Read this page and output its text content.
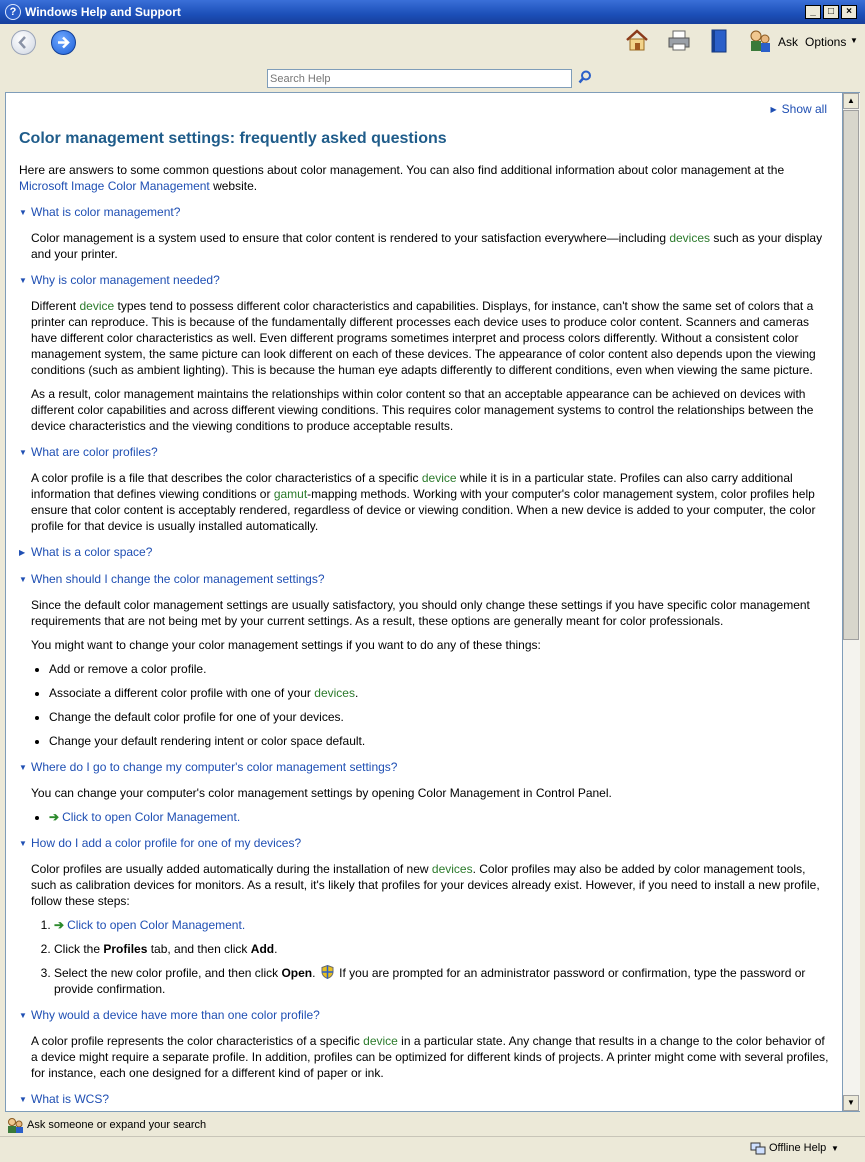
? Windows Help and Support	_	□	×
Ask Options ▼
Search Help
▶ Show all
Color management settings: frequently asked questions

Here are answers to some common questions about color management. You can also find additional information about color management at the Microsoft Image Color Management website.

▼ What is color management?

Color management is a system used to ensure that color content is rendered to your satisfaction everywhere—including devices such as your display and your printer.

▼ Why is color management needed?

Different device types tend to possess different color characteristics and capabilities. Displays, for instance, can't show the same set of colors that a printer can reproduce. This is because of the fundamentally different processes each device uses to produce color content. Scanners and cameras have different color characteristics as well. Even different programs sometimes interpret and process colors differently. Without a consistent color management system, the same picture can look different on each of these devices. The appearance of color content also depends upon the viewing conditions (such as ambient lighting). This is because the human eye adapts differently to different conditions, even when viewing the same picture.

As a result, color management maintains the relationships within color content so that an acceptable appearance can be achieved on devices with different color capabilities and across different viewing conditions. This requires color management systems to control the relationships between the device characteristics and the viewing conditions to produce acceptable results.

▼ What are color profiles?

A color profile is a file that describes the color characteristics of a specific device while it is in a particular state. Profiles can also carry additional information that defines viewing conditions or gamut-mapping methods. Working with your computer's color management system, color profiles help ensure that color content is acceptably rendered, regardless of device or viewing condition. When a new device is added to your computer, the color profile for that device is usually installed automatically.

▶ What is a color space?
▼ When should I change the color management settings?

Since the default color management settings are usually satisfactory, you should only change these settings if you have specific color management requirements that are not being met by your current settings. As a result, these options are generally meant for color professionals.

You might want to change your color management settings if you want to do any of these things:

• Add or remove a color profile.
• Associate a different color profile with one of your devices.
• Change the default color profile for one of your devices.
• Change your default rendering intent or color space default.
▼ Where do I go to change my computer's color management settings?

You can change your computer's color management settings by opening Color Management in Control Panel.

• ➔ Click to open Color Management.
▼ How do I add a color profile for one of my devices?

Color profiles are usually added automatically during the installation of new devices. Color profiles may also be added by color management tools, such as calibration devices for monitors. As a result, it's likely that profiles for your devices already exist. However, if you need to install a new profile, follow these steps:

1. ➔ Click to open Color Management.
2. Click the Profiles tab, and then click Add.
3. Select the new color profile, and then click Open.  If you are prompted for an administrator password or confirmation, type the password or provide confirmation.
▼ Why would a device have more than one color profile?

A color profile represents the color characteristics of a specific device in a particular state. Any change that results in a change to the color behavior of a device might require a separate profile. In addition, profiles can be optimized for different kinds of projects. A printer might come with several profiles, for instance, each one designed for a different kind of paper or ink.

▼ What is WCS?
▲
▼
Ask someone or expand your search
Offline Help ▼
